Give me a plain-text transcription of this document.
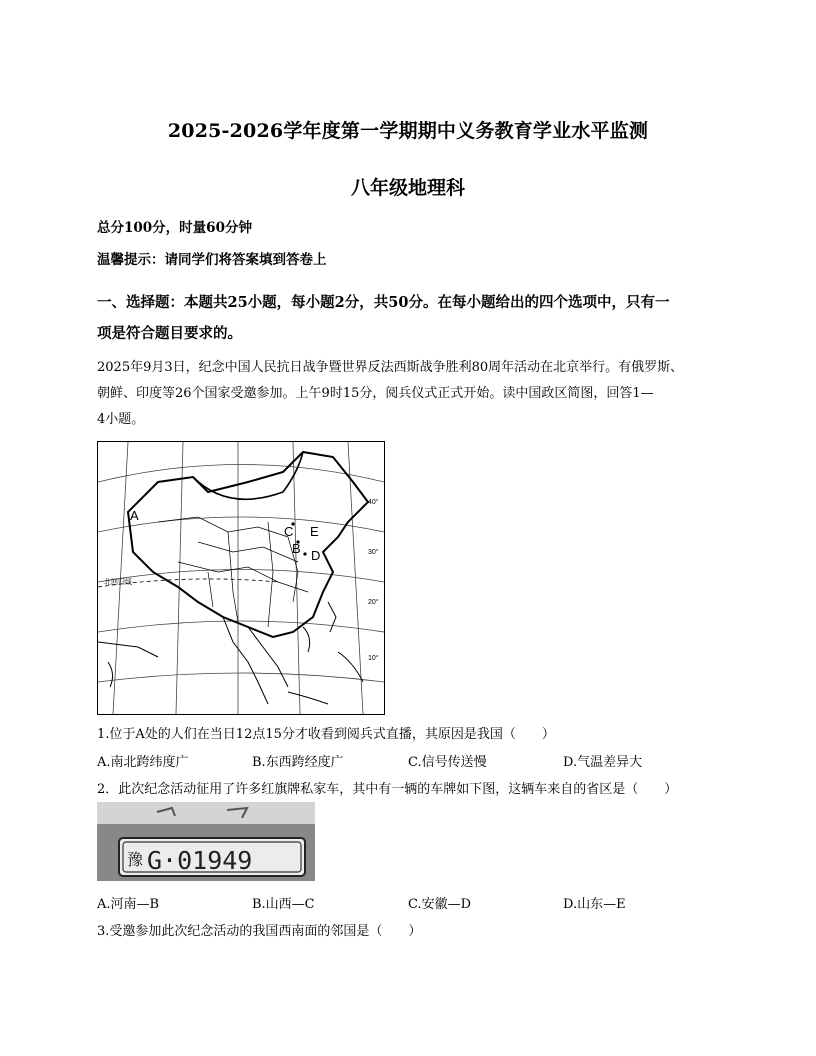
2025-2026学年度第一学期期中义务教育学业水平监测
八年级地理科
总分100分，时量60分钟
温馨提示：请同学们将答案填到答卷上
一、选择题：本题共25小题，每小题2分，共50分。在每小题给出的四个选项中，只有一
项是符合题目要求的。
2025年9月3日，纪念中国人民抗日战争暨世界反法西斯战争胜利80周年活动在北京举行。有俄罗斯、
朝鲜、印度等26个国家受邀参加。上午9时15分，阅兵仪式正式开始。读中国政区简图，回答1—
4小题。
A
C E
B D
40°
30°
20°
10°
北回归线
1.位于A处的人们在当日12点15分才收看到阅兵式直播，其原因是我国（　　）
A.南北跨纬度广	B.东西跨经度广	C.信号传送慢	D.气温差异大
2．此次纪念活动征用了许多红旗牌私家车，其中有一辆的车牌如下图，这辆车来自的省区是（　　）
豫 G·01949
A.河南—B	B.山西—C	C.安徽—D	D.山东—E
3.受邀参加此次纪念活动的我国西南面的邻国是（　　）
